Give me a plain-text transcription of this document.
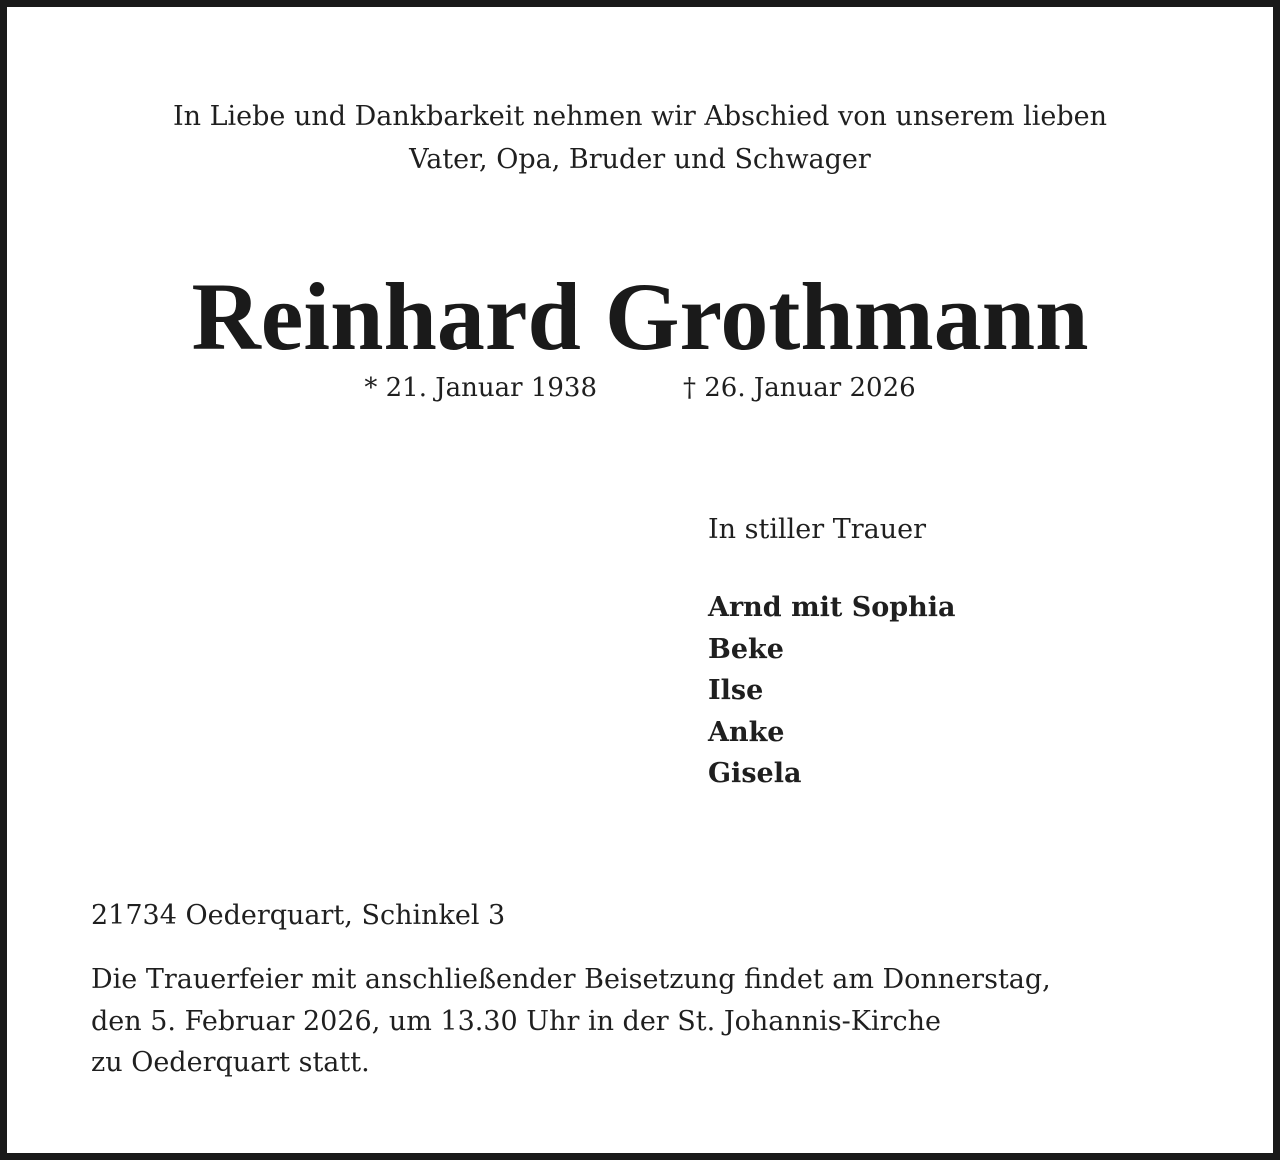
In Liebe und Dankbarkeit nehmen wir Abschied von unserem lieben
Vater, Opa, Bruder und Schwager
Reinhard Grothmann
* 21. Januar 1938	† 26. Januar 2026
In stiller Trauer
Arnd mit Sophia
Beke
Ilse
Anke
Gisela
21734 Oederquart, Schinkel 3
Die Trauerfeier mit anschließender Beisetzung findet am Donnerstag,
den 5. Februar 2026, um 13.30 Uhr in der St. Johannis-Kirche
zu Oederquart statt.
